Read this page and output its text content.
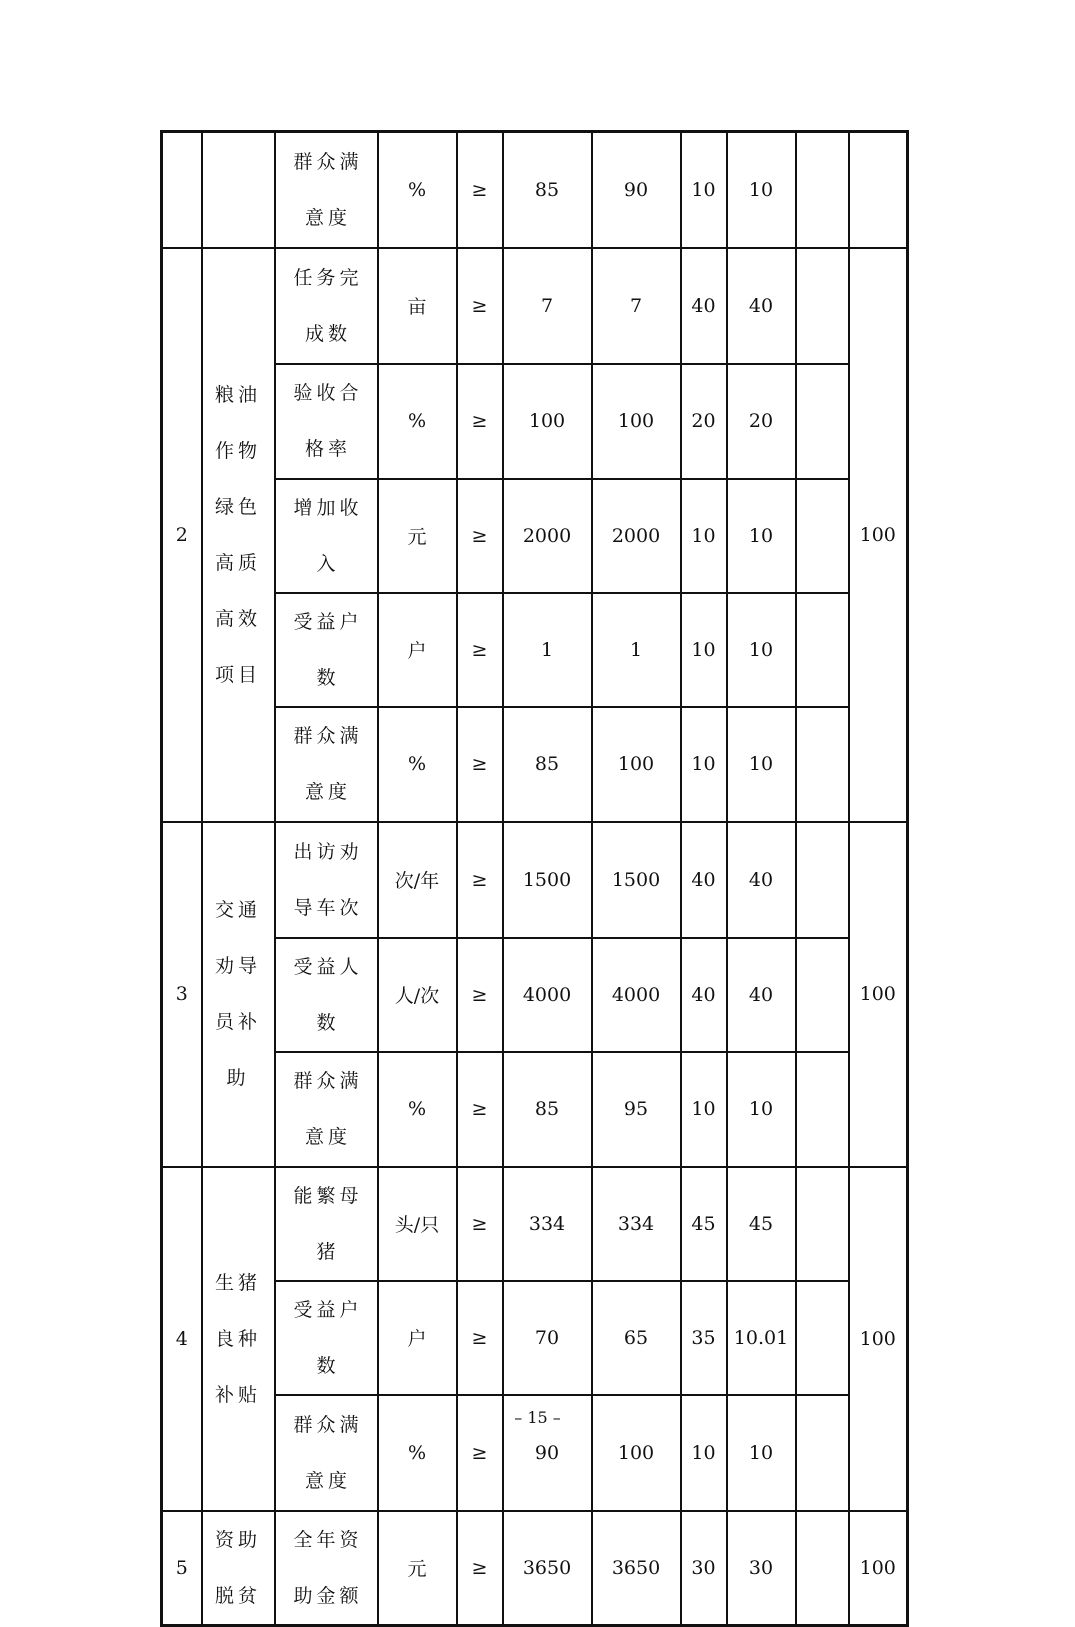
		群众满意度	%	≥	85	90	10	10		
2	粮油作物绿色高质高效项目	任务完成数	亩	≥	7	7	40	40		100
		验收合格率	%	≥	100	100	20	20		
		增加收入	元	≥	2000	2000	10	10		
		受益户数	户	≥	1	1	10	10		
		群众满意度	%	≥	85	100	10	10		
3	交通劝导员补助	出访劝导车次	次/年	≥	1500	1500	40	40		100
		受益人数	人/次	≥	4000	4000	40	40		
		群众满意度	%	≥	85	95	10	10		
4	生猪良种补贴	能繁母猪	头/只	≥	334	334	45	45		100
		受益户数	户	≥	70	65	35	10.01		
		群众满意度	%	≥	90	100	10	10		
5	资助脱贫	全年资助金额	元	≥	3650	3650	30	30		100
– 15 –
